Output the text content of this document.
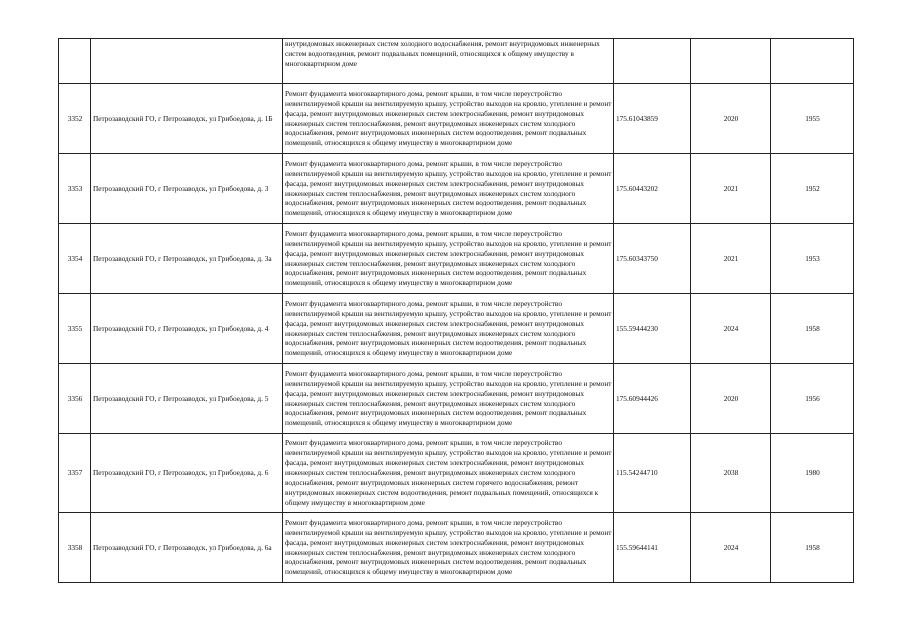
		внутридомовых инженерных систем холодного водоснабжения, ремонт внутридомовых инженерных систем водоотведения, ремонт подвальных помещений, относящихся к общему имуществу в многоквартирном доме			
3352	Петрозаводский ГО, г Петрозаводск, ул Грибоедова, д. 1Б	Ремонт фундамента многоквартирного дома, ремонт крыши, в том числе переустройство невентилируемой крыши на вентилируемую крышу, устройство выходов на кровлю, утепление и ремонт фасада, ремонт внутридомовых инженерных систем электроснабжения, ремонт внутридомовых инженерных систем теплоснабжения, ремонт внутридомовых инженерных систем холодного водоснабжения, ремонт внутридомовых инженерных систем водоотведения, ремонт подвальных помещений, относящихся к общему имуществу в многоквартирном доме	175.61043859	2020	1955
3353	Петрозаводский ГО, г Петрозаводск, ул Грибоедова, д. 3	Ремонт фундамента многоквартирного дома, ремонт крыши, в том числе переустройство невентилируемой крыши на вентилируемую крышу, устройство выходов на кровлю, утепление и ремонт фасада, ремонт внутридомовых инженерных систем электроснабжения, ремонт внутридомовых инженерных систем теплоснабжения, ремонт внутридомовых инженерных систем холодного водоснабжения, ремонт внутридомовых инженерных систем водоотведения, ремонт подвальных помещений, относящихся к общему имуществу в многоквартирном доме	175.60443202	2021	1952
3354	Петрозаводский ГО, г Петрозаводск, ул Грибоедова, д. 3а	Ремонт фундамента многоквартирного дома, ремонт крыши, в том числе переустройство невентилируемой крыши на вентилируемую крышу, устройство выходов на кровлю, утепление и ремонт фасада, ремонт внутридомовых инженерных систем электроснабжения, ремонт внутридомовых инженерных систем теплоснабжения, ремонт внутридомовых инженерных систем холодного водоснабжения, ремонт внутридомовых инженерных систем водоотведения, ремонт подвальных помещений, относящихся к общему имуществу в многоквартирном доме	175.60343750	2021	1953
3355	Петрозаводский ГО, г Петрозаводск, ул Грибоедова, д. 4	Ремонт фундамента многоквартирного дома, ремонт крыши, в том числе переустройство невентилируемой крыши на вентилируемую крышу, устройство выходов на кровлю, утепление и ремонт фасада, ремонт внутридомовых инженерных систем электроснабжения, ремонт внутридомовых инженерных систем теплоснабжения, ремонт внутридомовых инженерных систем холодного водоснабжения, ремонт внутридомовых инженерных систем водоотведения, ремонт подвальных помещений, относящихся к общему имуществу в многоквартирном доме	155.59444230	2024	1958
3356	Петрозаводский ГО, г Петрозаводск, ул Грибоедова, д. 5	Ремонт фундамента многоквартирного дома, ремонт крыши, в том числе переустройство невентилируемой крыши на вентилируемую крышу, устройство выходов на кровлю, утепление и ремонт фасада, ремонт внутридомовых инженерных систем электроснабжения, ремонт внутридомовых инженерных систем теплоснабжения, ремонт внутридомовых инженерных систем холодного водоснабжения, ремонт внутридомовых инженерных систем водоотведения, ремонт подвальных помещений, относящихся к общему имуществу в многоквартирном доме	175.60944426	2020	1956
3357	Петрозаводский ГО, г Петрозаводск, ул Грибоедова, д. 6	Ремонт фундамента многоквартирного дома, ремонт крыши, в том числе переустройство невентилируемой крыши на вентилируемую крышу, устройство выходов на кровлю, утепление и ремонт фасада, ремонт внутридомовых инженерных систем электроснабжения, ремонт внутридомовых инженерных систем теплоснабжения, ремонт внутридомовых инженерных систем холодного водоснабжения, ремонт внутридомовых инженерных систем горячего водоснабжения, ремонт внутридомовых инженерных систем водоотведения, ремонт подвальных помещений, относящихся к общему имуществу в многоквартирном доме	115.54244710	2038	1980
3358	Петрозаводский ГО, г Петрозаводск, ул Грибоедова, д. 6а	Ремонт фундамента многоквартирного дома, ремонт крыши, в том числе переустройство невентилируемой крыши на вентилируемую крышу, устройство выходов на кровлю, утепление и ремонт фасада, ремонт внутридомовых инженерных систем электроснабжения, ремонт внутридомовых инженерных систем теплоснабжения, ремонт внутридомовых инженерных систем холодного водоснабжения, ремонт внутридомовых инженерных систем водоотведения, ремонт подвальных помещений, относящихся к общему имуществу в многоквартирном доме	155.59644141	2024	1958
